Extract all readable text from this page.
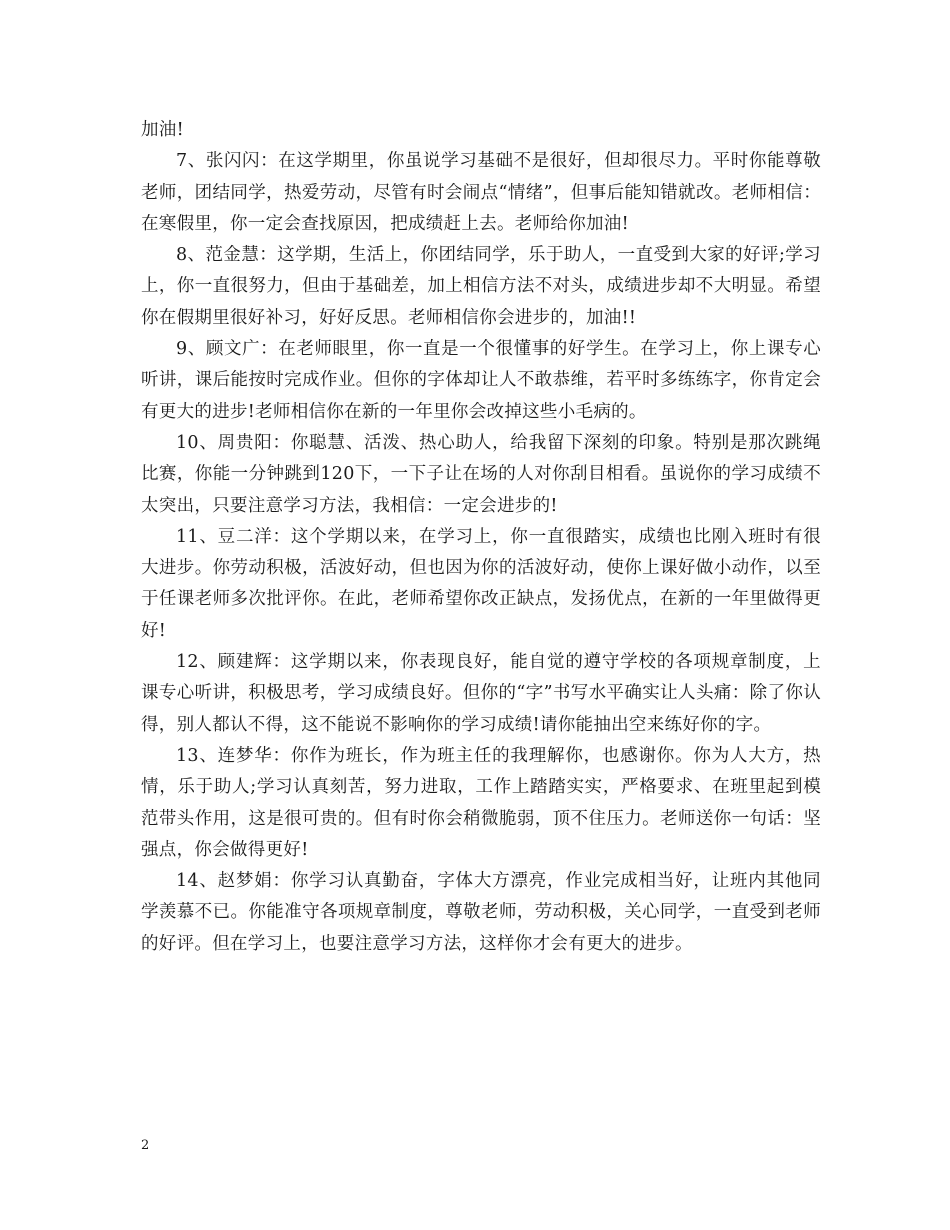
加油!

7、张闪闪：在这学期里，你虽说学习基础不是很好，但却很尽力。平时你能尊敬老师，团结同学，热爱劳动，尽管有时会闹点“情绪”，但事后能知错就改。老师相信：在寒假里，你一定会查找原因，把成绩赶上去。老师给你加油!

8、范金慧：这学期，生活上，你团结同学，乐于助人，一直受到大家的好评;学习上，你一直很努力，但由于基础差，加上相信方法不对头，成绩进步却不大明显。希望你在假期里很好补习，好好反思。老师相信你会进步的，加油!!

9、顾文广：在老师眼里，你一直是一个很懂事的好学生。在学习上，你上课专心听讲，课后能按时完成作业。但你的字体却让人不敢恭维，若平时多练练字，你肯定会有更大的进步!老师相信你在新的一年里你会改掉这些小毛病的。

10、周贵阳：你聪慧、活泼、热心助人，给我留下深刻的印象。特别是那次跳绳比赛，你能一分钟跳到120下，一下子让在场的人对你刮目相看。虽说你的学习成绩不太突出，只要注意学习方法，我相信：一定会进步的!

11、豆二洋：这个学期以来，在学习上，你一直很踏实，成绩也比刚入班时有很大进步。你劳动积极，活波好动，但也因为你的活波好动，使你上课好做小动作，以至于任课老师多次批评你。在此，老师希望你改正缺点，发扬优点，在新的一年里做得更好!

12、顾建辉：这学期以来，你表现良好，能自觉的遵守学校的各项规章制度，上课专心听讲，积极思考，学习成绩良好。但你的“字”书写水平确实让人头痛：除了你认得，别人都认不得，这不能说不影响你的学习成绩!请你能抽出空来练好你的字。

13、连梦华：你作为班长，作为班主任的我理解你，也感谢你。你为人大方，热情，乐于助人;学习认真刻苦，努力进取，工作上踏踏实实，严格要求、在班里起到模范带头作用，这是很可贵的。但有时你会稍微脆弱，顶不住压力。老师送你一句话：坚强点，你会做得更好!

14、赵梦娟：你学习认真勤奋，字体大方漂亮，作业完成相当好，让班内其他同学羡慕不已。你能准守各项规章制度，尊敬老师，劳动积极，关心同学，一直受到老师的好评。但在学习上，也要注意学习方法，这样你才会有更大的进步。

2
